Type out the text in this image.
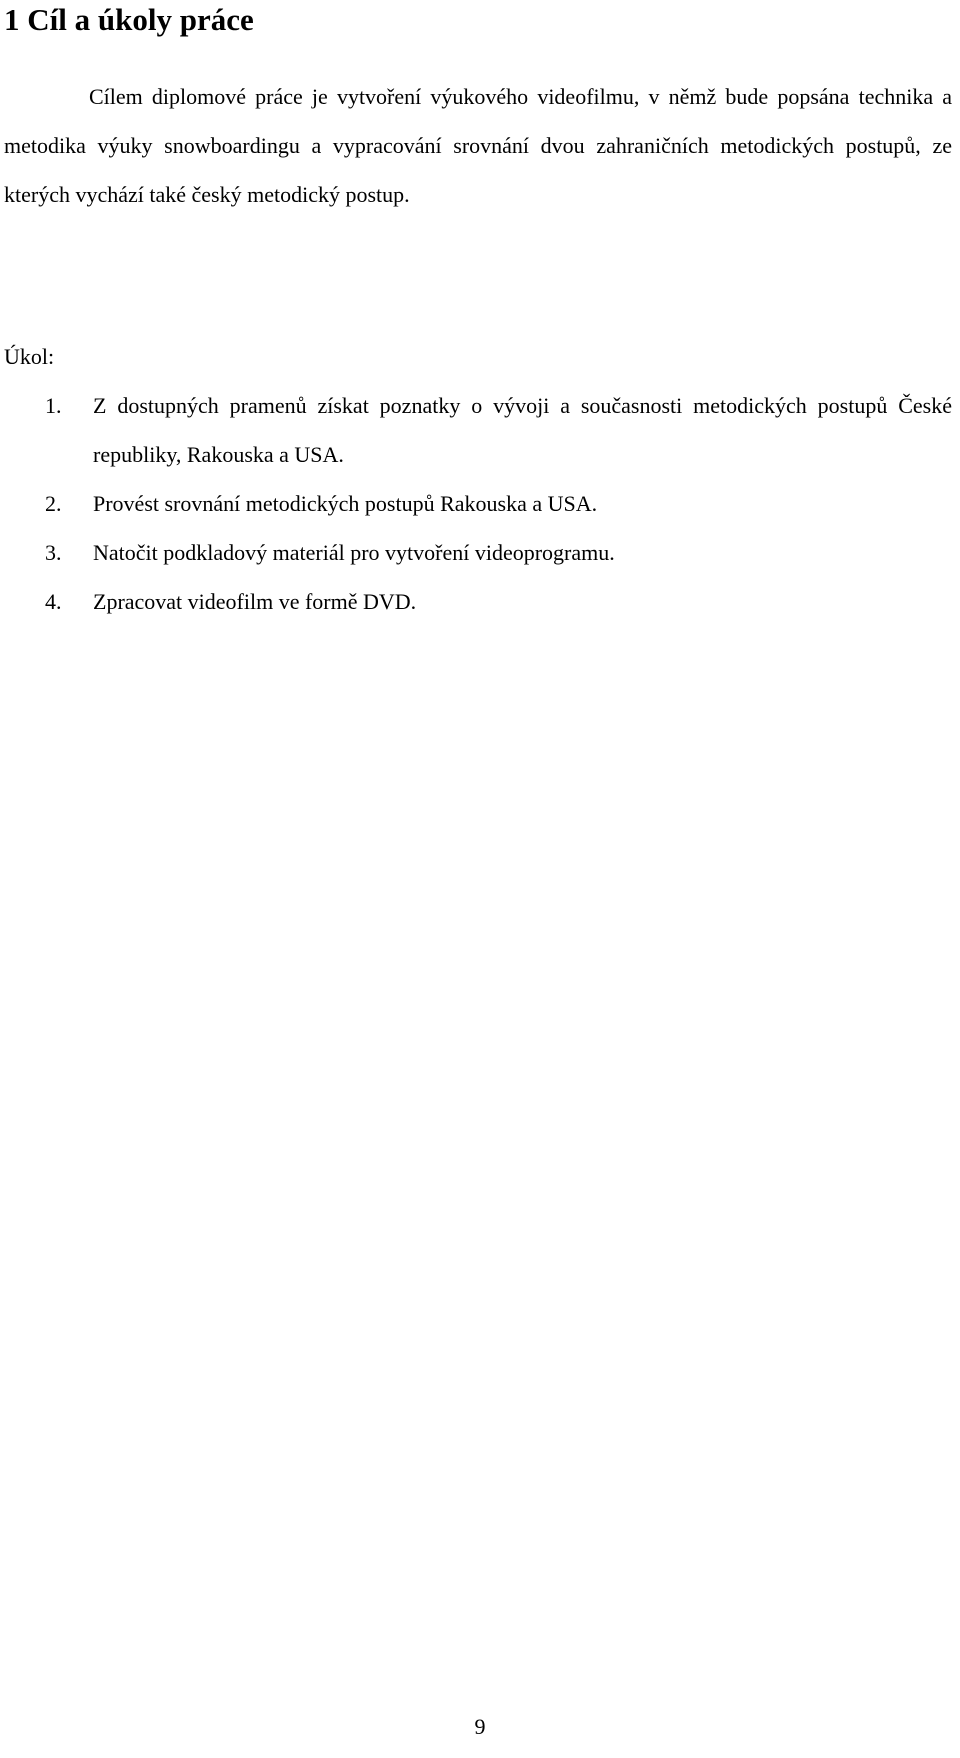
1 Cíl a úkoly práce

Cílem diplomové práce je vytvoření výukového videofilmu, v němž bude popsána technika a metodika výuky snowboardingu a vypracování srovnání dvou zahraničních metodických postupů, ze kterých vychází také český metodický postup.

Úkol:

1.	Z dostupných pramenů získat poznatky o vývoji a současnosti metodických postupů České republiky, Rakouska a USA.
2.	Provést srovnání metodických postupů Rakouska a USA.
3.	Natočit podkladový materiál pro vytvoření videoprogramu.
4.	Zpracovat videofilm ve formě DVD.
9
